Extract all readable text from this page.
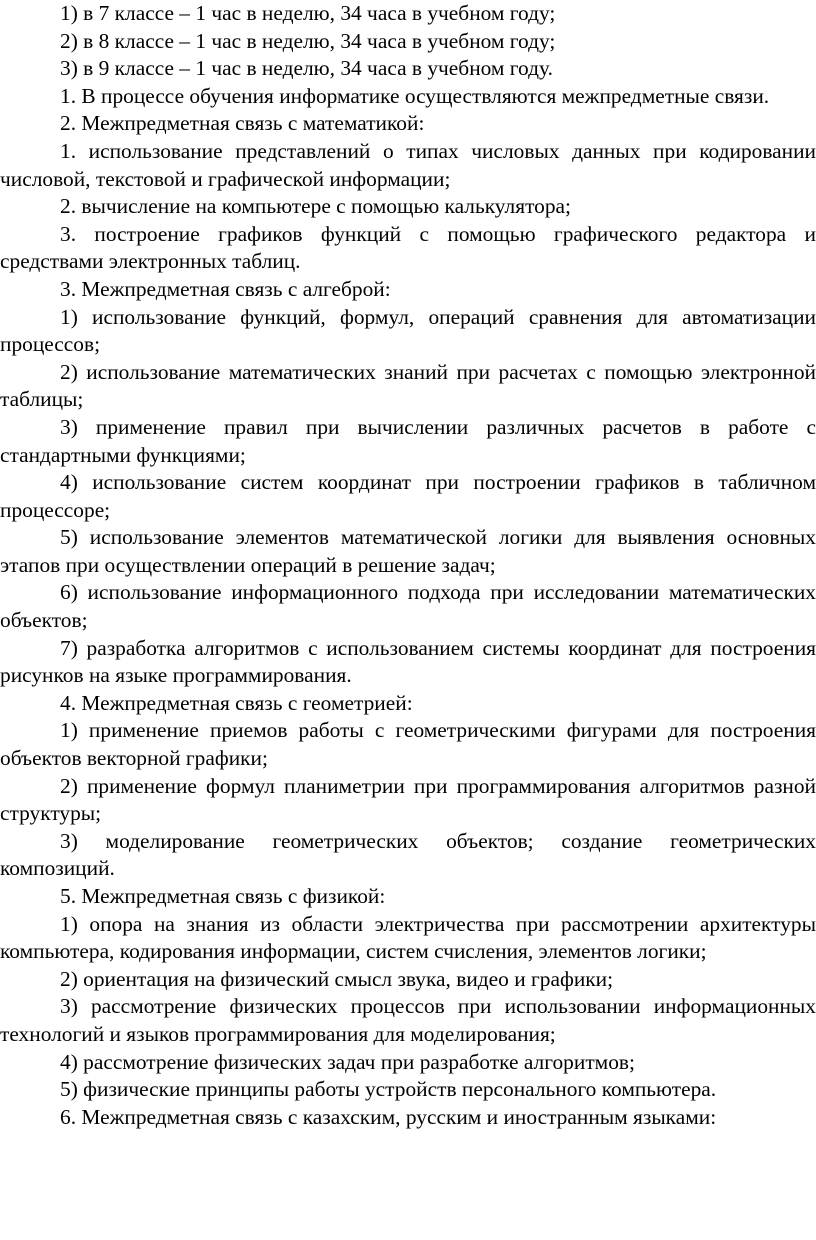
1) в 7 классе – 1 час в неделю, 34 часа в учебном году;

2) в 8 классе – 1 час в неделю, 34 часа в учебном году;

3) в 9 классе – 1 час в неделю, 34 часа в учебном году.

1. В процессе обучения информатике осуществляются межпредметные связи.

2. Межпредметная связь с математикой:

1. использование представлений о типах числовых данных при кодировании числовой, текстовой и графической информации;

2. вычисление на компьютере с помощью калькулятора;

3. построение графиков функций с помощью графического редактора и средствами электронных таблиц.

3. Межпредметная связь с алгеброй:

1) использование функций, формул, операций сравнения для автоматизации процессов;

2) использование математических знаний при расчетах с помощью электронной таблицы;

3) применение правил при вычислении различных расчетов в работе с стандартными функциями;

4) использование систем координат при построении графиков в табличном процессоре;

5) использование элементов математической логики для выявления основных этапов при осуществлении операций в решение задач;

6) использование информационного подхода при исследовании математических объектов;

7) разработка алгоритмов с использованием системы координат для построения рисунков на языке программирования.

4. Межпредметная связь с геометрией:

1) применение приемов работы с геометрическими фигурами для построения объектов векторной графики;

2) применение формул планиметрии при программирования алгоритмов разной структуры;

3) моделирование геометрических объектов; создание геометрических композиций.

5. Межпредметная связь с физикой:

1) опора на знания из области электричества при рассмотрении архитектуры компьютера, кодирования информации, систем счисления, элементов логики;

2) ориентация на физический смысл звука, видео и графики;

3) рассмотрение физических процессов при использовании информационных технологий и языков программирования для моделирования;

4) рассмотрение физических задач при разработке алгоритмов;

5) физические принципы работы устройств персонального компьютера.

6. Межпредметная связь с казахским, русским и иностранным языками:
